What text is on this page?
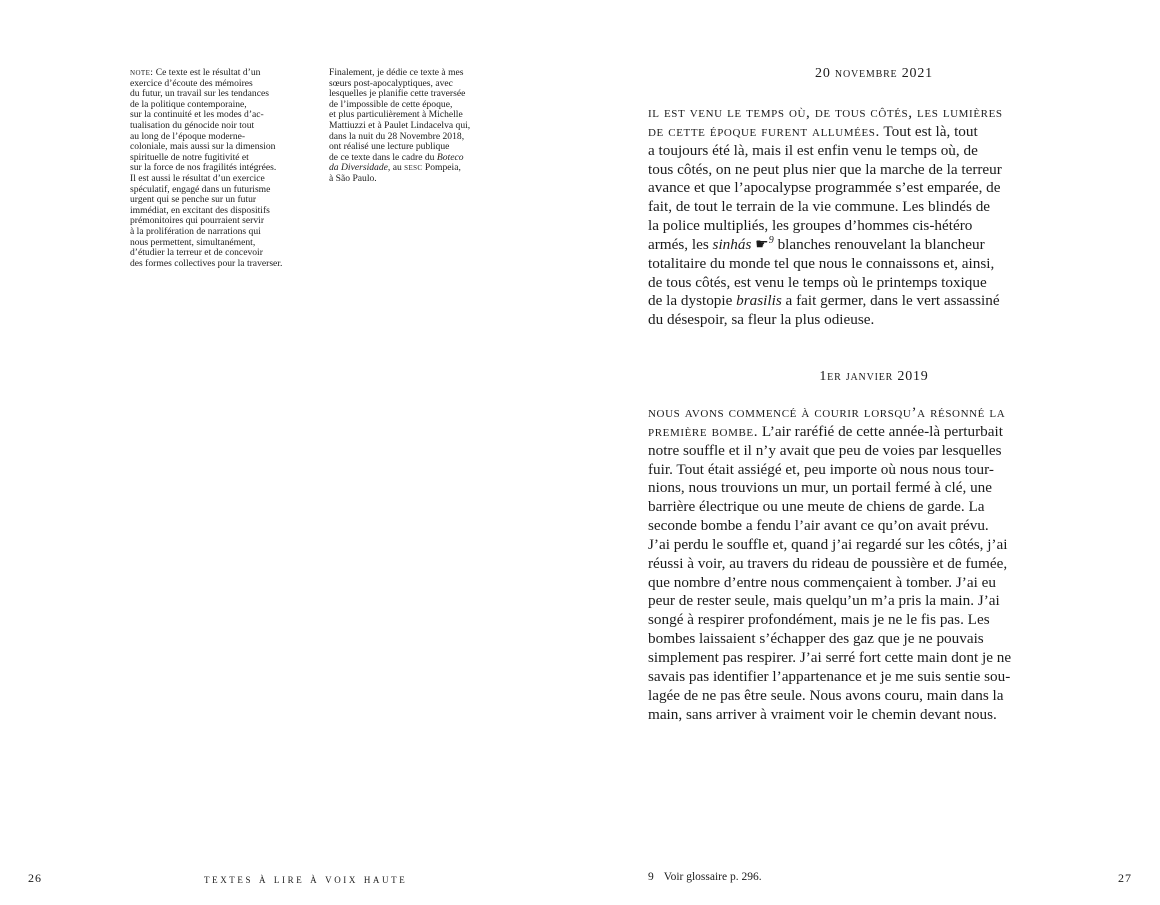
note: Ce texte est le résultat d’un
exercice d’écoute des mémoires
du futur, un travail sur les tendances
de la politique contemporaine,
sur la continuité et les modes d’ac-
tualisation du génocide noir tout
au long de l’époque moderne-
coloniale, mais aussi sur la dimension
spirituelle de notre fugitivité et
sur la force de nos fragilités intégrées.
Il est aussi le résultat d’un exercice
spéculatif, engagé dans un futurisme
urgent qui se penche sur un futur
immédiat, en excitant des dispositifs
prémonitoires qui pourraient servir
à la prolifération de narrations qui
nous permettent, simultanément,
d’étudier la terreur et de concevoir
des formes collectives pour la traverser.
Finalement, je dédie ce texte à mes
sœurs post-apocalyptiques, avec
lesquelles je planifie cette traversée
de l’impossible de cette époque,
et plus particulièrement à Michelle
Mattiuzzi et à Paulet Lindacelva qui,
dans la nuit du 28 Novembre 2018,
ont réalisé une lecture publique
de ce texte dans le cadre du Boteco
da Diversidade, au sesc Pompeia,
à São Paulo.
26	textes à lire à voix haute
20 novembre 2021
il est venu le temps où, de tous côtés, les lumières
de cette époque furent allumées. Tout est là, tout
a toujours été là, mais il est enfin venu le temps où, de
tous côtés, on ne peut plus nier que la marche de la terreur
avance et que l’apocalypse programmée s’est emparée, de
fait, de tout le terrain de la vie commune. Les blindés de
la police multipliés, les groupes d’hommes cis-hétéro
armés, les sinhás ☛$^9$ blanches renouvelant la blancheur
totalitaire du monde tel que nous le connaissons et, ainsi,
de tous côtés, est venu le temps où le printemps toxique
de la dystopie brasilis a fait germer, dans le vert assassiné
du désespoir, sa fleur la plus odieuse.
1er janvier 2019
nous avons commencé à courir lorsqu’a résonné la
première bombe. L’air raréfié de cette année-là perturbait
notre souffle et il n’y avait que peu de voies par lesquelles
fuir. Tout était assiégé et, peu importe où nous nous tour-
nions, nous trouvions un mur, un portail fermé à clé, une
barrière électrique ou une meute de chiens de garde. La
seconde bombe a fendu l’air avant ce qu’on avait prévu.
J’ai perdu le souffle et, quand j’ai regardé sur les côtés, j’ai
réussi à voir, au travers du rideau de poussière et de fumée,
que nombre d’entre nous commençaient à tomber. J’ai eu
peur de rester seule, mais quelqu’un m’a pris la main. J’ai
songé à respirer profondément, mais je ne le fis pas. Les
bombes laissaient s’échapper des gaz que je ne pouvais
simplement pas respirer. J’ai serré fort cette main dont je ne
savais pas identifier l’appartenance et je me suis sentie sou-
lagée de ne pas être seule. Nous avons couru, main dans la
main, sans arriver à vraiment voir le chemin devant nous.
9 Voir glossaire p. 296.	27
